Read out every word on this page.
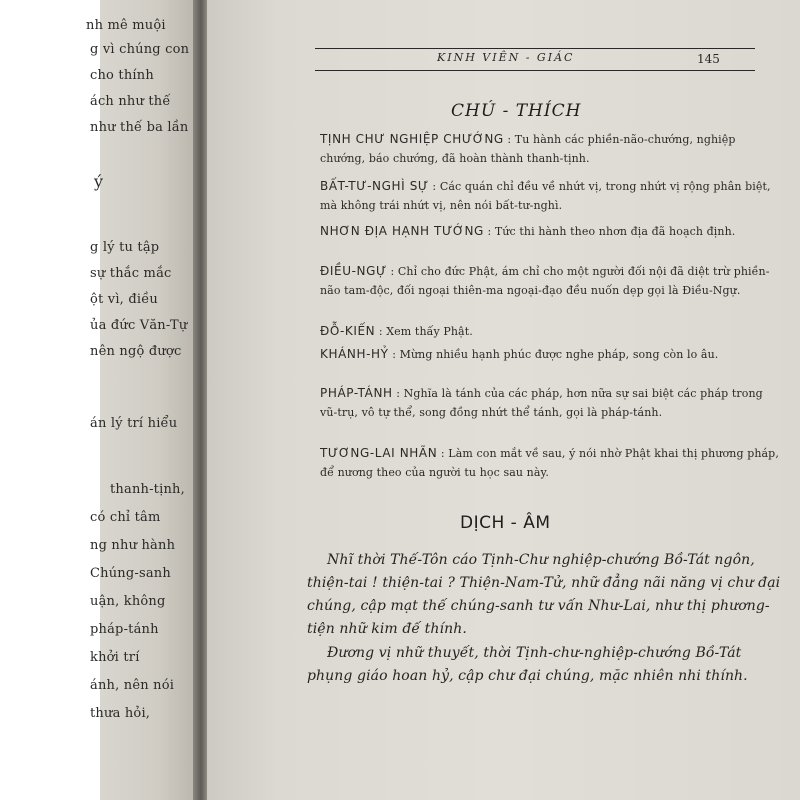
nh mê muội
g vì chúng con
cho thính
ách như thế
như thế ba lần
ý
g lý tu tập
sự thắc mắc
ột vì, điều
ủa đức Văn-Tự
nên ngộ được
án lý trí hiểu
thanh-tịnh,
có chỉ tâm
ng như hành
Chúng-sanh
uận, không
pháp-tánh
khởi trí
ánh, nên nói
thưa hỏi,
KINH VIÊN - GIÁC	145
CHÚ - THÍCH
TỊNH CHƯ NGHIỆP CHƯỚNG : Tu hành các phiền-não-chướng, nghiệp chướng, báo chướng, đã hoàn thành thanh-tịnh.
BẤT-TƯ-NGHÌ SỰ : Các quán chỉ đều về nhứt vị, trong nhứt vị rộng phân biệt, mà không trái nhứt vị, nên nói bất-tư-nghì.
NHƠN ĐỊA HẠNH TƯỚNG : Tức thi hành theo nhơn địa đã hoạch định.
ĐIỀU-NGỰ : Chỉ cho đức Phật, ám chỉ cho một người đối nội đã diệt trừ phiền-não tam-độc, đối ngoại thiên-ma ngoại-đạo đều nuốn dẹp gọi là Điều-Ngự.
ĐỖ-KIẾN : Xem thấy Phật.
KHÁNH-HỶ : Mừng nhiều hạnh phúc được nghe pháp, song còn lo âu.
PHÁP-TÁNH : Nghĩa là tánh của các pháp, hơn nữa sự sai biệt các pháp trong vũ-trụ, vô tự thể, song đồng nhứt thể tánh, gọi là pháp-tánh.
TƯƠNG-LAI NHÃN : Làm con mắt về sau, ý nói nhờ Phật khai thị phương pháp, để nương theo của người tu học sau này.
DỊCH - ÂM
Nhĩ thời Thế-Tôn cáo Tịnh-Chư nghiệp-chướng Bồ-Tát ngôn, thiện-tai ! thiện-tai ? Thiện-Nam-Tử, nhữ đẳng nãi năng vị chư đại chúng, cập mạt thế chúng-sanh tư vấn Như-Lai, như thị phương-tiện nhữ kim đế thính.
Đương vị nhữ thuyết, thời Tịnh-chư-nghiệp-chướng Bồ-Tát phụng giáo hoan hỷ, cập chư đại chúng, mặc nhiên nhi thính.
